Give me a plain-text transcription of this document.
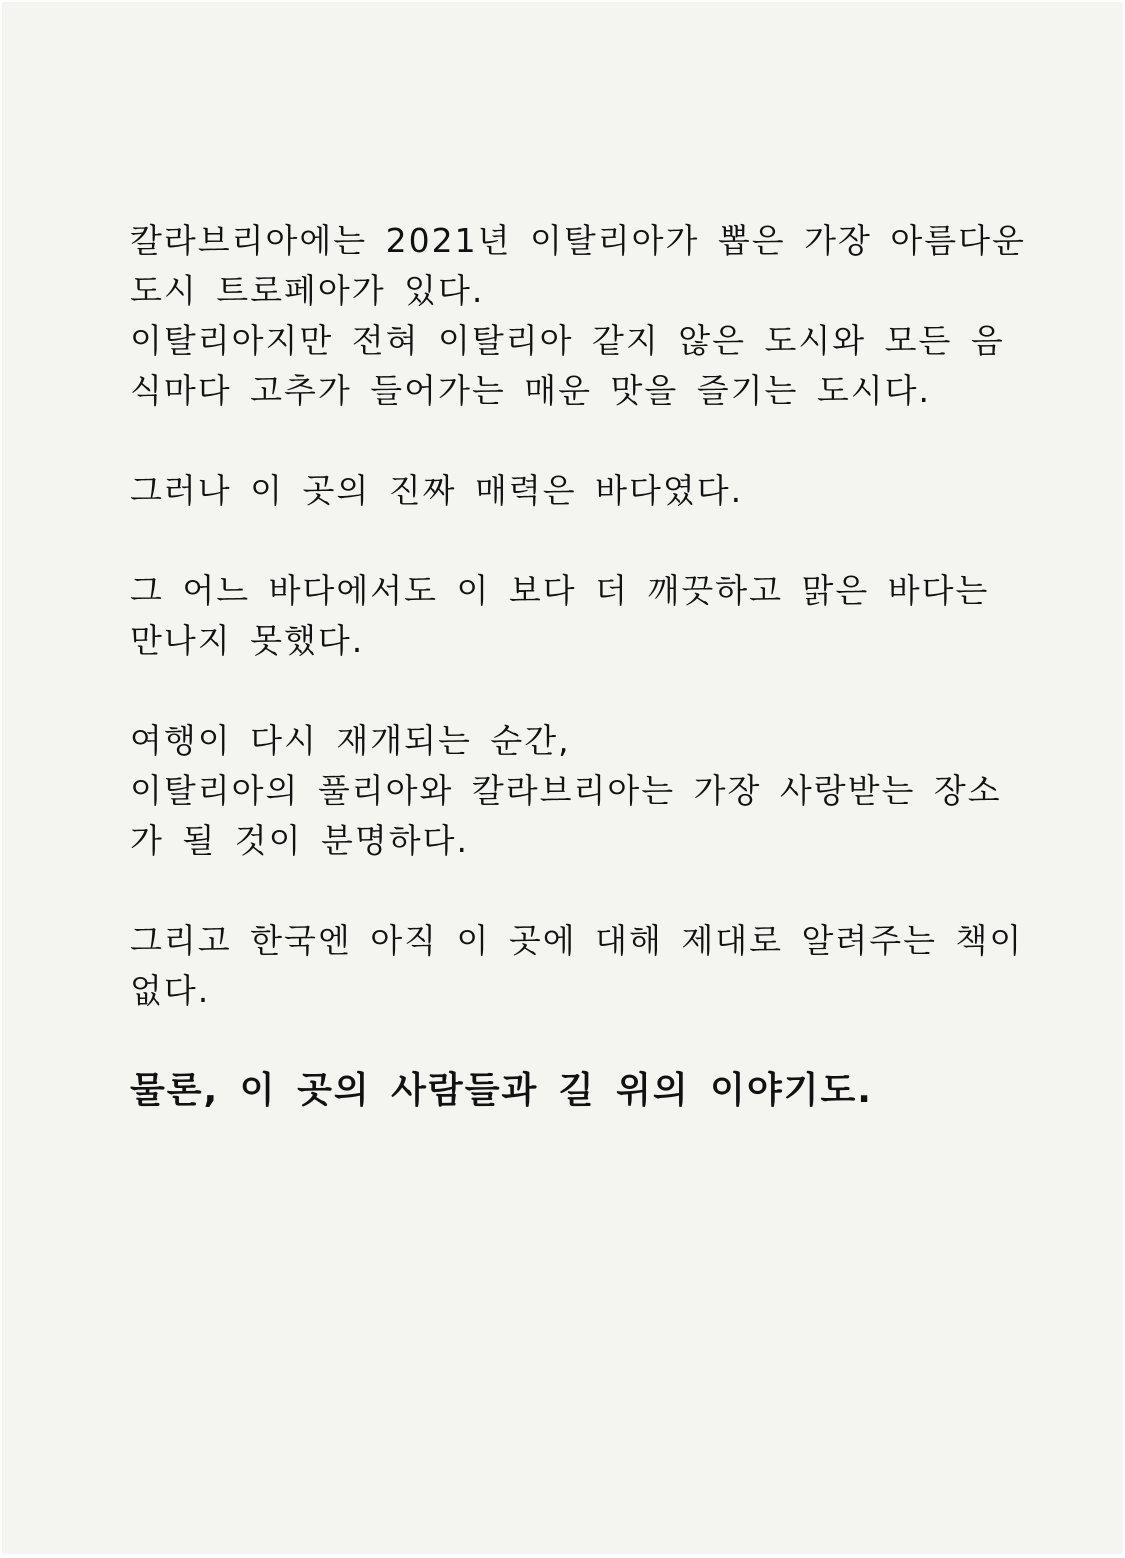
칼라브리아에는 2021년 이탈리아가 뽑은 가장 아름다운
도시 트로페아가 있다.
이탈리아지만 전혀 이탈리아 같지 않은 도시와 모든 음
식마다 고추가 들어가는 매운 맛을 즐기는 도시다.
그러나 이 곳의 진짜 매력은 바다였다.
그 어느 바다에서도 이 보다 더 깨끗하고 맑은 바다는
만나지 못했다.
여행이 다시 재개되는 순간,
이탈리아의 풀리아와 칼라브리아는 가장 사랑받는 장소
가 될 것이 분명하다.
그리고 한국엔 아직 이 곳에 대해 제대로 알려주는 책이
없다.
물론, 이 곳의 사람들과 길 위의 이야기도.
